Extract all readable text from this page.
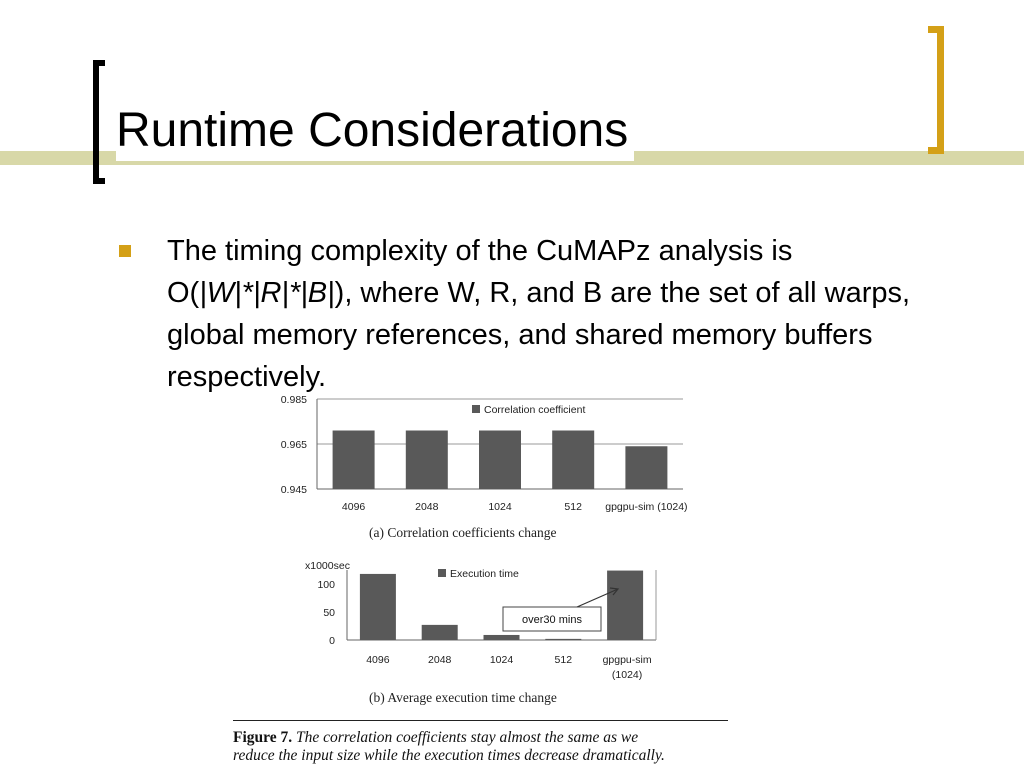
Runtime Considerations
The timing complexity of the CuMAPz analysis is O(|W|*|R|*|B|), where W, R, and B are the set of all warps, global memory references, and shared memory buffers respectively.
0.945
0.965
0.985
4096	2048	1024	512 gpgpu-sim (1024)
Correlation coefficient
(a) Correlation coefficients change
0
50
100
x1000sec
4096	2048	1024	512	gpgpu-sim
(1024)
Execution time
over30 mins
(b) Average execution time change
Figure 7. The correlation coefficients stay almost the same as we
reduce the input size while the execution times decrease dramatically.
